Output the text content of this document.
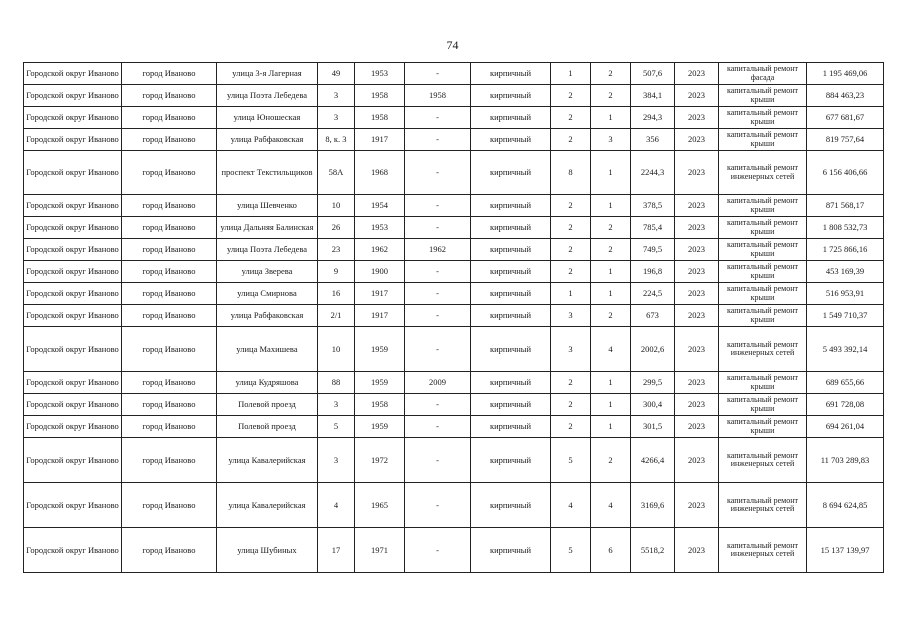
74
Городской округ Иваново	город Иваново	улица 3-я Лагерная	49	1953	-	кирпичный	1	2	507,6	2023	капитальный ремонт фасада	1 195 469,06
Городской округ Иваново	город Иваново	улица Поэта Лебедева	3	1958	1958	кирпичный	2	2	384,1	2023	капитальный ремонт крыши	884 463,23
Городской округ Иваново	город Иваново	улица Юношеская	3	1958	-	кирпичный	2	1	294,3	2023	капитальный ремонт крыши	677 681,67
Городской округ Иваново	город Иваново	улица Рабфаковская	8, к. 3	1917	-	кирпичный	2	3	356	2023	капитальный ремонт крыши	819 757,64
Городской округ Иваново	город Иваново	проспект Текстильщиков	58А	1968	-	кирпичный	8	1	2244,3	2023	капитальный ремонт инженерных сетей	6 156 406,66
Городской округ Иваново	город Иваново	улица Шевченко	10	1954	-	кирпичный	2	1	378,5	2023	капитальный ремонт крыши	871 568,17
Городской округ Иваново	город Иваново	улица Дальняя Балинская	26	1953	-	кирпичный	2	2	785,4	2023	капитальный ремонт крыши	1 808 532,73
Городской округ Иваново	город Иваново	улица Поэта Лебедева	23	1962	1962	кирпичный	2	2	749,5	2023	капитальный ремонт крыши	1 725 866,16
Городской округ Иваново	город Иваново	улица Зверева	9	1900	-	кирпичный	2	1	196,8	2023	капитальный ремонт крыши	453 169,39
Городской округ Иваново	город Иваново	улица Смирнова	16	1917	-	кирпичный	1	1	224,5	2023	капитальный ремонт крыши	516 953,91
Городской округ Иваново	город Иваново	улица Рабфаковская	2/1	1917	-	кирпичный	3	2	673	2023	капитальный ремонт крыши	1 549 710,37
Городской округ Иваново	город Иваново	улица Махишева	10	1959	-	кирпичный	3	4	2002,6	2023	капитальный ремонт инженерных сетей	5 493 392,14
Городской округ Иваново	город Иваново	улица Кудряшова	88	1959	2009	кирпичный	2	1	299,5	2023	капитальный ремонт крыши	689 655,66
Городской округ Иваново	город Иваново	Полевой проезд	3	1958	-	кирпичный	2	1	300,4	2023	капитальный ремонт крыши	691 728,08
Городской округ Иваново	город Иваново	Полевой проезд	5	1959	-	кирпичный	2	1	301,5	2023	капитальный ремонт крыши	694 261,04
Городской округ Иваново	город Иваново	улица Кавалерийская	3	1972	-	кирпичный	5	2	4266,4	2023	капитальный ремонт инженерных сетей	11 703 289,83
Городской округ Иваново	город Иваново	улица Кавалерийская	4	1965	-	кирпичный	4	4	3169,6	2023	капитальный ремонт инженерных сетей	8 694 624,85
Городской округ Иваново	город Иваново	улица Шубиных	17	1971	-	кирпичный	5	6	5518,2	2023	капитальный ремонт инженерных сетей	15 137 139,97
